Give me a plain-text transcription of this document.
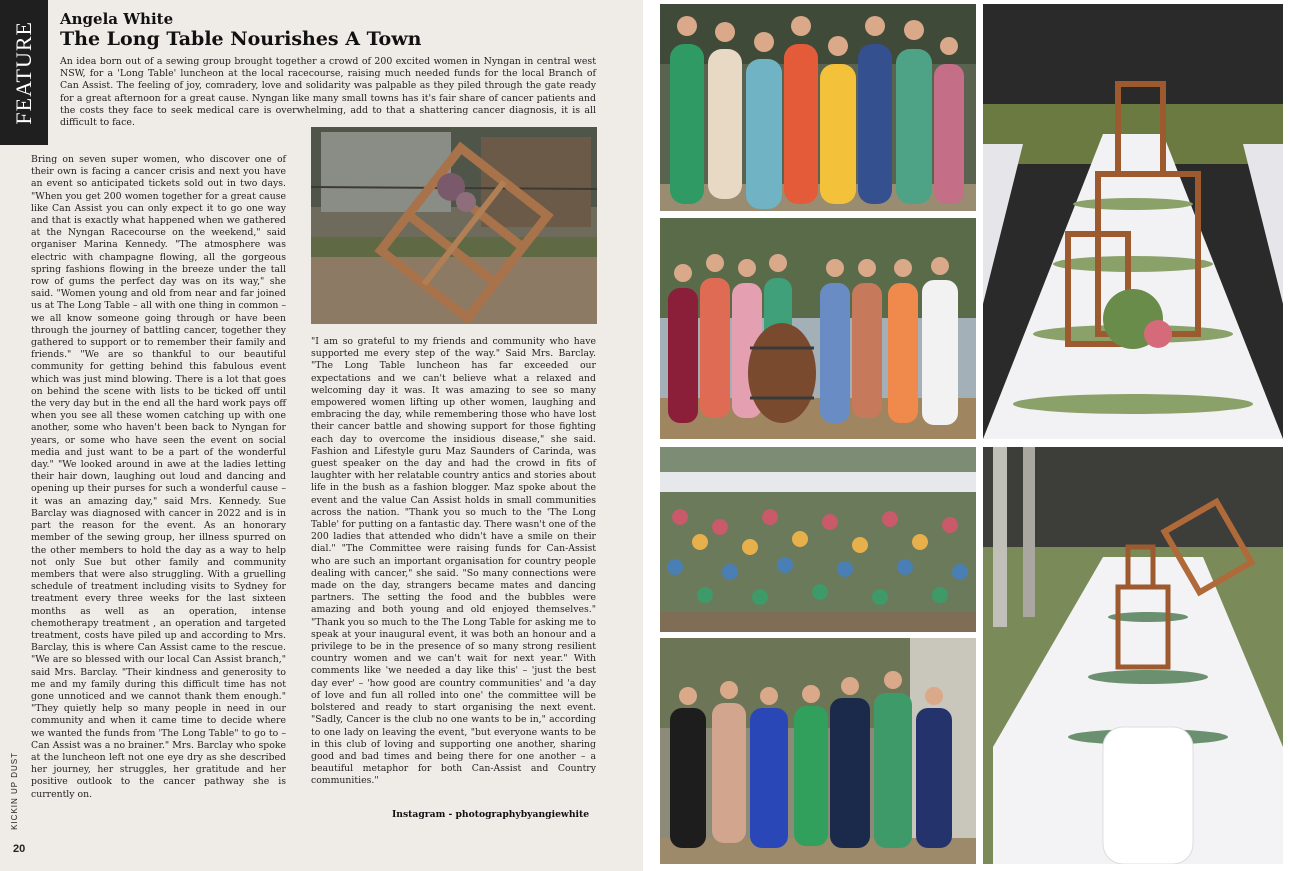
FEATURE
Angela White
The Long Table Nourishes A Town
An idea born out of a sewing group brought together a crowd of 200 excited women in Nyngan in central west NSW, for a 'Long Table' luncheon at the local racecourse, raising much needed funds for the local Branch of Can Assist. The feeling of joy, comradery, love and solidarity was palpable as they piled through the gate ready for a great afternoon for a great cause. Nyngan like many small towns has it's fair share of cancer patients and the costs they face to seek medical care is overwhelming, add to that a shattering cancer diagnosis, it is all difficult to face.
Bring on seven super women, who discover one of their own is facing a cancer crisis and next you have an event so anticipated tickets sold out in two days. "When you get 200 women together for a great cause like Can Assist you can only expect it to go one way and that is exactly what happened when we gathered at the Nyngan Racecourse on the weekend," said organiser Marina Kennedy. "The atmosphere was electric with champagne flowing, all the gorgeous spring fashions flowing in the breeze under the tall row of gums the perfect day was on its way," she said. "Women young and old from near and far joined us at The Long Table – all with one thing in common – we all know someone going through or have been through the journey of battling cancer, together they gathered to support or to remember their family and friends." "We are so thankful to our beautiful community for getting behind this fabulous event which was just mind blowing. There is a lot that goes on behind the scene with lists to be ticked off until the very day but in the end all the hard work pays off when you see all these women catching up with one another, some who haven't been back to Nyngan for years, or some who have seen the event on social media and just want to be a part of the wonderful day." "We looked around in awe at the ladies letting their hair down, laughing out loud and dancing and opening up their purses for such a wonderful cause – it was an amazing day," said Mrs. Kennedy. Sue Barclay was diagnosed with cancer in 2022 and is in part the reason for the event. As an honorary member of the sewing group, her illness spurred on the other members to hold the day as a way to help not only Sue but other family and community members that were also struggling. With a gruelling schedule of treatment including visits to Sydney for treatment every three weeks for the last sixteen months as well as an operation, intense chemotherapy treatment , an operation and targeted treatment, costs have piled up and according to Mrs. Barclay, this is where Can Assist came to the rescue. "We are so blessed with our local Can Assist branch," said Mrs. Barclay. "Their kindness and generosity to me and my family during this difficult time has not gone unnoticed and we cannot thank them enough." "They quietly help so many people in need in our community and when it came time to decide where we wanted the funds from 'The Long Table" to go to – Can Assist was a no brainer." Mrs. Barclay who spoke at the luncheon left not one eye dry as she described her journey, her struggles, her gratitude and her positive outlook to the cancer pathway she is currently on.
"I am so grateful to my friends and community who have supported me every step of the way." Said Mrs. Barclay. "The Long Table luncheon has far exceeded our expectations and we can't believe what a relaxed and welcoming day it was. It was amazing to see so many empowered women lifting up other women, laughing and embracing the day, while remembering those who have lost their cancer battle and showing support for those fighting each day to overcome the insidious disease," she said. Fashion and Lifestyle guru Maz Saunders of Carinda, was guest speaker on the day and had the crowd in fits of laughter with her relatable country antics and stories about life in the bush as a fashion blogger. Maz spoke about the event and the value Can Assist holds in small communities across the nation. "Thank you so much to the 'The Long Table' for putting on a fantastic day. There wasn't one of the 200 ladies that attended who didn't have a smile on their dial." "The Committee were raising funds for Can-Assist who are such an important organisation for country people dealing with cancer," she said. "So many connections were made on the day, strangers became mates and dancing partners. The setting the food and the bubbles were amazing and both young and old enjoyed themselves." "Thank you so much to the The Long Table for asking me to speak at your inaugural event, it was both an honour and a privilege to be in the presence of so many strong resilient country women and we can't wait for next year." With comments like 'we needed a day like this' – 'just the best day ever' – 'how good are country communities' and 'a day of love and fun all rolled into one' the committee will be bolstered and ready to start organising the next event. "Sadly, Cancer is the club no one wants to be in," according to one lady on leaving the event, "but everyone wants to be in this club of loving and supporting one another, sharing good and bad times and being there for one another – a beautiful metaphor for both Can-Assist and Country communities."
Instagram - photographybyangiewhite
KICKIN UP DUST
20
